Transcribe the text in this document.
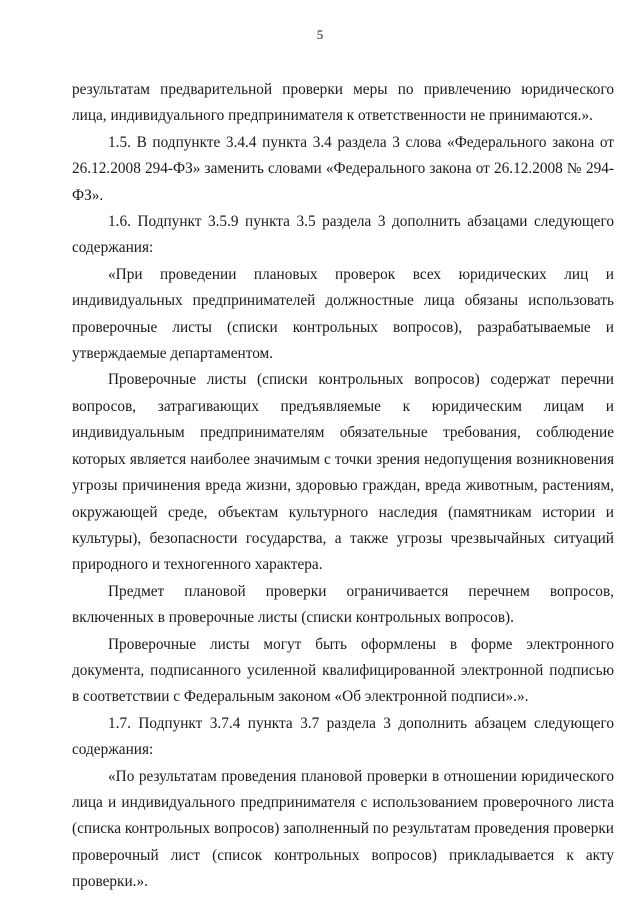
5

результатам предварительной проверки меры по привлечению юридического лица, индивидуального предпринимателя к ответственности не принимаются.».

1.5. В подпункте 3.4.4 пункта 3.4 раздела 3 слова «Федерального закона от 26.12.2008 294-ФЗ» заменить словами «Федерального закона от 26.12.2008 № 294-ФЗ».

1.6. Подпункт 3.5.9 пункта 3.5 раздела 3 дополнить абзацами следующего содержания:

«При проведении плановых проверок всех юридических лиц и индивидуальных предпринимателей должностные лица обязаны использовать проверочные листы (списки контрольных вопросов), разрабатываемые и утверждаемые департаментом.

Проверочные листы (списки контрольных вопросов) содержат перечни вопросов, затрагивающих предъявляемые к юридическим лицам и индивидуальным предпринимателям обязательные требования, соблюдение которых является наиболее значимым с точки зрения недопущения возникновения угрозы причинения вреда жизни, здоровью граждан, вреда животным, растениям, окружающей среде, объектам культурного наследия (памятникам истории и культуры), безопасности государства, а также угрозы чрезвычайных ситуаций природного и техногенного характера.

Предмет плановой проверки ограничивается перечнем вопросов, включенных в проверочные листы (списки контрольных вопросов).

Проверочные листы могут быть оформлены в форме электронного документа, подписанного усиленной квалифицированной электронной подписью в соответствии с Федеральным законом «Об электронной подписи».».

1.7. Подпункт 3.7.4 пункта 3.7 раздела 3 дополнить абзацем следующего содержания:

«По результатам проведения плановой проверки в отношении юридического лица и индивидуального предпринимателя с использованием проверочного листа (списка контрольных вопросов) заполненный по результатам проведения проверки проверочный лист (список контрольных вопросов) прикладывается к акту проверки.».
